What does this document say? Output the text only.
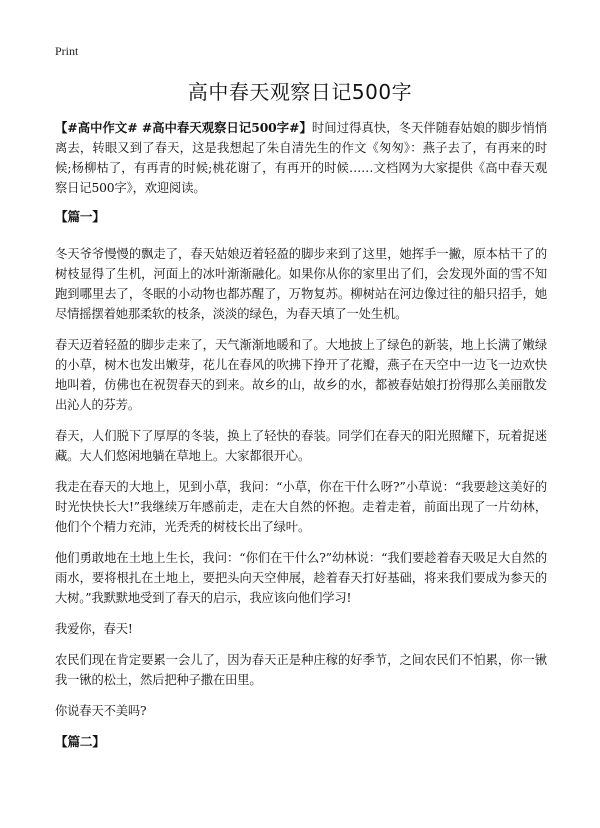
Print
高中春天观察日记500字

【#高中作文# #高中春天观察日记500字#】时间过得真快，冬天伴随春姑娘的脚步悄悄离去，转眼又到了春天，这是我想起了朱自清先生的作文《匆匆》：燕子去了，有再来的时候;杨柳枯了，有再青的时候;桃花谢了，有再开的时候……文档网为大家提供《高中春天观察日记500字》，欢迎阅读。

【篇一】

冬天爷爷慢慢的飘走了，春天姑娘迈着轻盈的脚步来到了这里，她挥手一撇，原本枯干了的树枝显得了生机，河面上的冰叶渐渐融化。如果你从你的家里出了们，会发现外面的雪不知跑到哪里去了，冬眠的小动物也都苏醒了，万物复苏。柳树站在河边像过往的船只招手，她尽情摇摆着她那柔软的枝条，淡淡的绿色，为春天填了一处生机。

春天迈着轻盈的脚步走来了，天气渐渐地暖和了。大地披上了绿色的新装，地上长满了嫩绿的小草，树木也发出嫩芽，花儿在春风的吹拂下挣开了花瓣，燕子在天空中一边飞一边欢快地叫着，仿佛也在祝贺春天的到来。故乡的山，故乡的水，都被春姑娘打扮得那么美丽散发出沁人的芬芳。

春天，人们脱下了厚厚的冬装，换上了轻快的春装。同学们在春天的阳光照耀下，玩着捉迷藏。大人们悠闲地躺在草地上。大家都很开心。

我走在春天的大地上，见到小草，我问：“小草，你在干什么呀?”小草说：“我要趁这美好的时光快快长大!”我继续万年感前走，走在大自然的怀抱。走着走着，前面出现了一片幼林，他们个个精力充沛，光秃秃的树枝长出了绿叶。

他们勇敢地在土地上生长，我问：“你们在干什么?”幼林说：“我们要趁着春天吸足大自然的雨水，要将根扎在土地上，要把头向天空伸展，趁着春天打好基础，将来我们要成为参天的大树。”我默默地受到了春天的启示，我应该向他们学习!

我爱你，春天!

农民们现在肯定要累一会儿了，因为春天正是种庄稼的好季节，之间农民们不怕累，你一锹我一锹的松土，然后把种子撒在田里。

你说春天不美吗?

【篇二】
